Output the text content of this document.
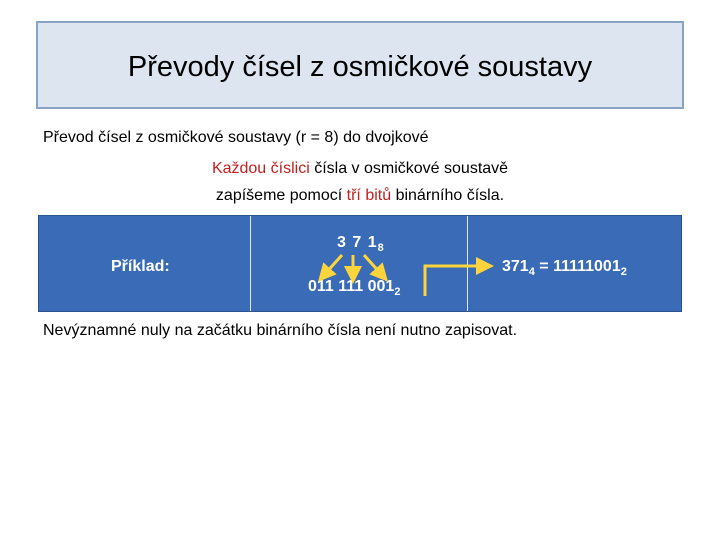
Převody čísel z osmičkové soustavy
Převod čísel z osmičkové soustavy (r = 8) do dvojkové
Každou číslici čísla v osmičkové soustavě
zapíšeme pomocí tří bitů binárního čísla.
Příklad:
3 7 $1_8$
011 111 $001_2$
$371_4 = 11111001_2$
Nevýznamné nuly na začátku binárního čísla není nutno zapisovat.
